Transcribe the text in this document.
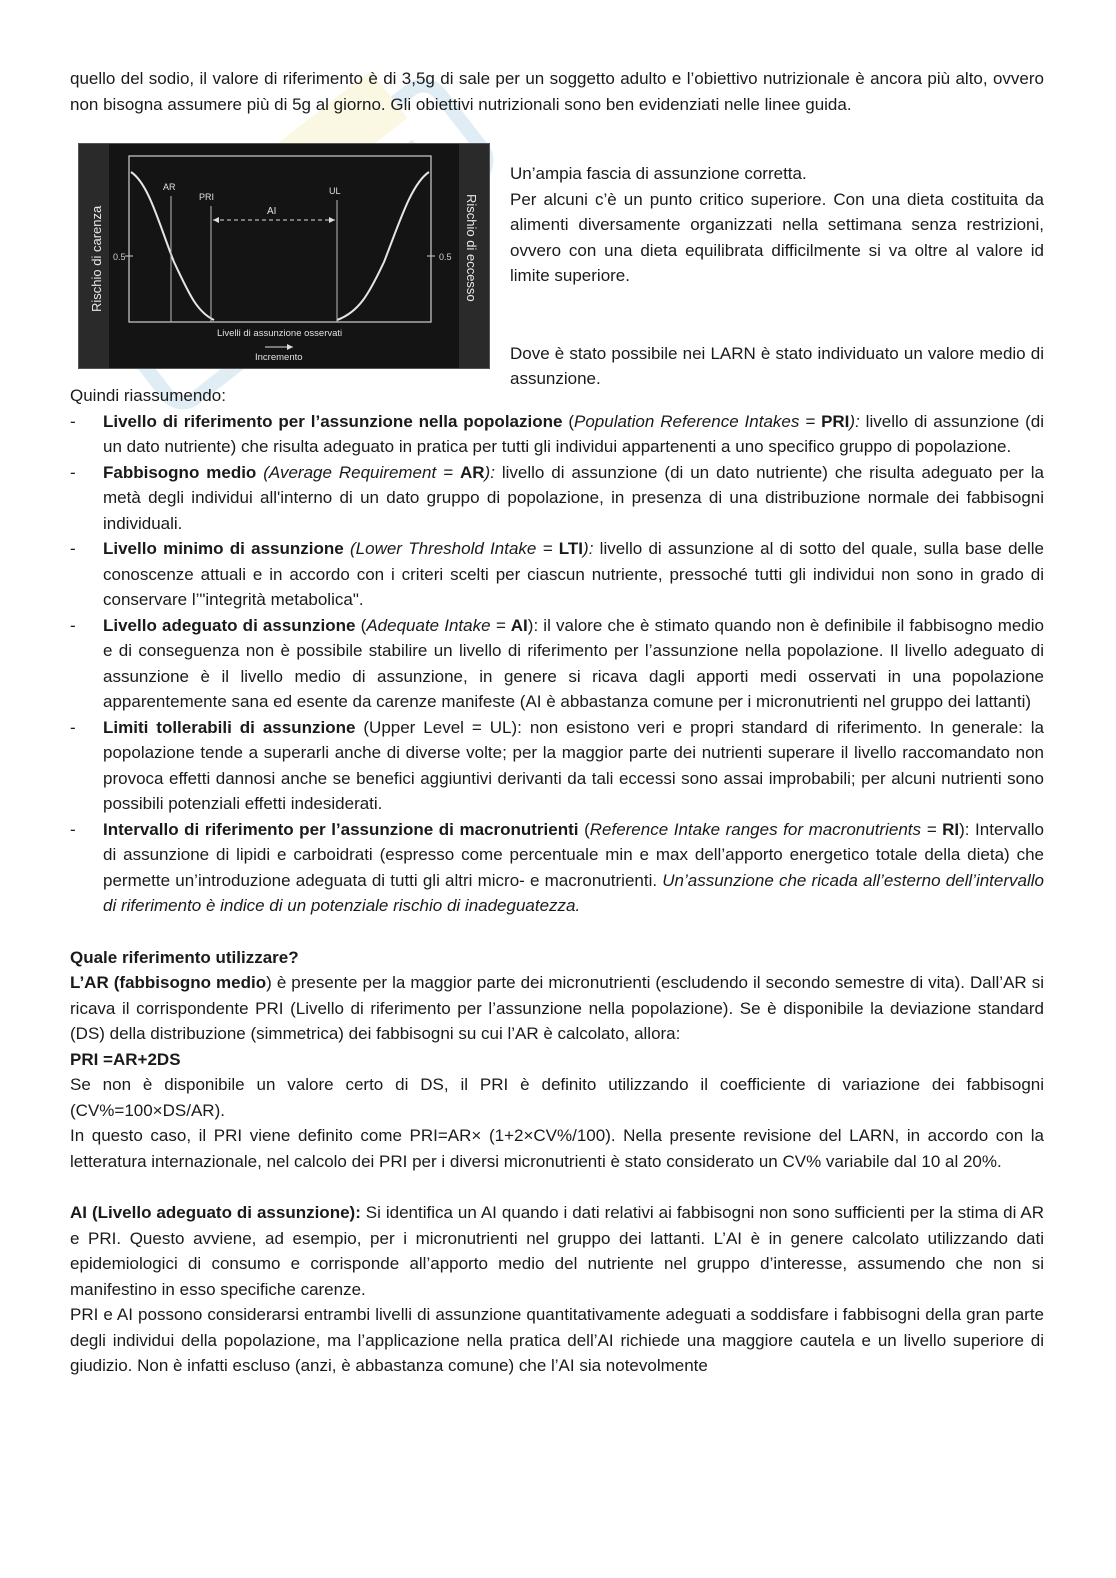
quello del sodio, il valore di riferimento è di 3,5g di sale per un soggetto adulto e l’obiettivo nutrizionale è ancora più alto, ovvero non bisogna assumere più di 5g al giorno. Gli obiettivi nutrizionali sono ben evidenziati nelle linee guida.

Rischio di carenza	Rischio di eccesso
0.5	0.5
AR
PRI
AI
UL
Livelli di assunzione osservati
Incremento

Un’ampia fascia di assunzione corretta.

Per alcuni c’è un punto critico superiore. Con una dieta costituita da alimenti diversamente organizzati nella settimana senza restrizioni, ovvero con una dieta equilibrata difficilmente si va oltre al valore id limite superiore.

Dove è stato possibile nei LARN è stato individuato un valore medio di assunzione.

Quindi riassumendo:

- Livello di riferimento per l’assunzione nella popolazione (Population Reference Intakes = PRI): livello di assunzione (di un dato nutriente) che risulta adeguato in pratica per tutti gli individui appartenenti a uno specifico gruppo di popolazione.
- Fabbisogno medio (Average Requirement = AR): livello di assunzione (di un dato nutriente) che risulta adeguato per la metà degli individui all'interno di un dato gruppo di popolazione, in presenza di una distribuzione normale dei fabbisogni individuali.
- Livello minimo di assunzione (Lower Threshold Intake = LTI): livello di assunzione al di sotto del quale, sulla base delle conoscenze attuali e in accordo con i criteri scelti per ciascun nutriente, pressoché tutti gli individui non sono in grado di conservare l’"integrità metabolica".
- Livello adeguato di assunzione (Adequate Intake = AI): il valore che è stimato quando non è definibile il fabbisogno medio e di conseguenza non è possibile stabilire un livello di riferimento per l’assunzione nella popolazione. Il livello adeguato di assunzione è il livello medio di assunzione, in genere si ricava dagli apporti medi osservati in una popolazione apparentemente sana ed esente da carenze manifeste (AI è abbastanza comune per i micronutrienti nel gruppo dei lattanti)
- Limiti tollerabili di assunzione (Upper Level = UL): non esistono veri e propri standard di riferimento. In generale: la popolazione tende a superarli anche di diverse volte; per la maggior parte dei nutrienti superare il livello raccomandato non provoca effetti dannosi anche se benefici aggiuntivi derivanti da tali eccessi sono assai improbabili; per alcuni nutrienti sono possibili potenziali effetti indesiderati.
- Intervallo di riferimento per l’assunzione di macronutrienti (Reference Intake ranges for macronutrients = RI): Intervallo di assunzione di lipidi e carboidrati (espresso come percentuale min e max dell’apporto energetico totale della dieta) che permette un’introduzione adeguata di tutti gli altri micro- e macronutrienti. Un’assunzione che ricada all’esterno dell’intervallo di riferimento è indice di un potenziale rischio di inadeguatezza.

Quale riferimento utilizzare?

L’AR (fabbisogno medio) è presente per la maggior parte dei micronutrienti (escludendo il secondo semestre di vita). Dall’AR si ricava il corrispondente PRI (Livello di riferimento per l’assunzione nella popolazione). Se è disponibile la deviazione standard (DS) della distribuzione (simmetrica) dei fabbisogni su cui l’AR è calcolato, allora:

PRI =AR+2DS

Se non è disponibile un valore certo di DS, il PRI è definito utilizzando il coefficiente di variazione dei fabbisogni (CV%=100×DS/AR).

In questo caso, il PRI viene definito come PRI=AR× (1+2×CV%/100). Nella presente revisione del LARN, in accordo con la letteratura internazionale, nel calcolo dei PRI per i diversi micronutrienti è stato considerato un CV% variabile dal 10 al 20%.

AI (Livello adeguato di assunzione): Si identifica un AI quando i dati relativi ai fabbisogni non sono sufficienti per la stima di AR e PRI. Questo avviene, ad esempio, per i micronutrienti nel gruppo dei lattanti. L’AI è in genere calcolato utilizzando dati epidemiologici di consumo e corrisponde all’apporto medio del nutriente nel gruppo d’interesse, assumendo che non si manifestino in esso specifiche carenze.

PRI e AI possono considerarsi entrambi livelli di assunzione quantitativamente adeguati a soddisfare i fabbisogni della gran parte degli individui della popolazione, ma l’applicazione nella pratica dell’AI richiede una maggiore cautela e un livello superiore di giudizio. Non è infatti escluso (anzi, è abbastanza comune) che l’AI sia notevolmente
